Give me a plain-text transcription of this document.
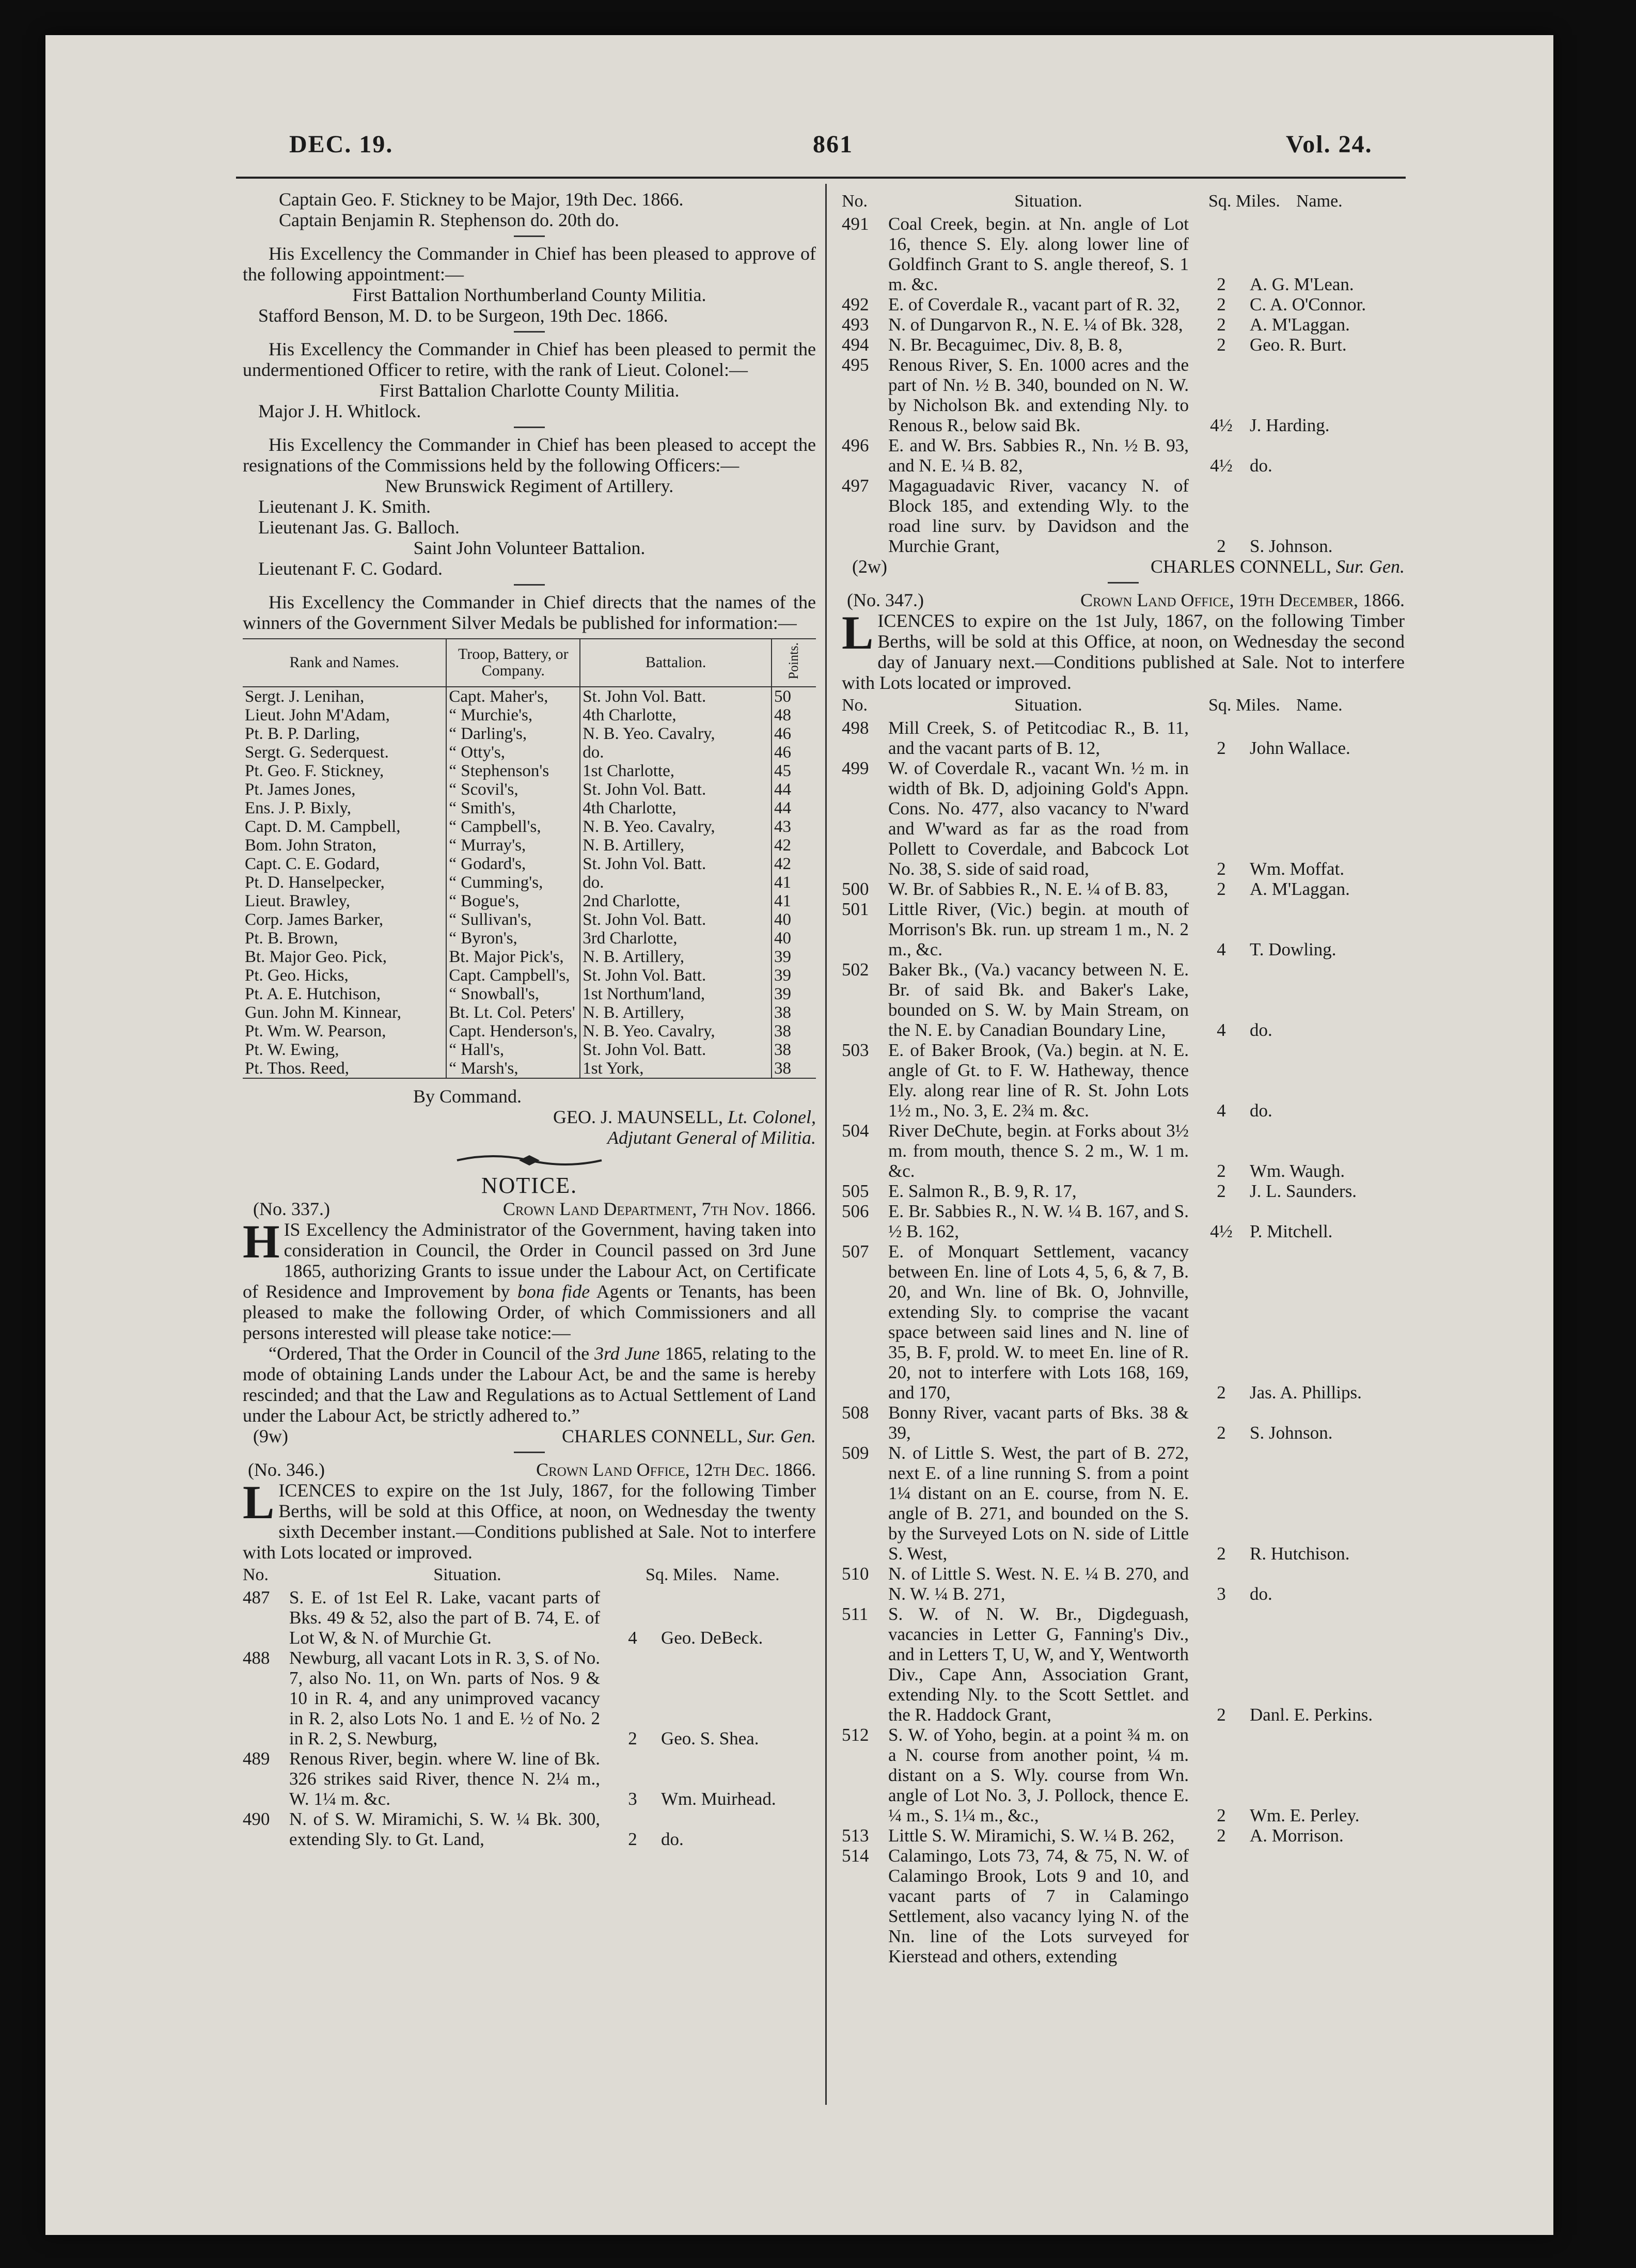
DEC. 19.	861	Vol. 24.

Captain Geo. F. Stickney to be Major, 19th Dec. 1866.

Captain Benjamin R. Stephenson do. 20th do.

His Excellency the Commander in Chief has been pleased to approve of the following appointment:—

First Battalion Northumberland County Militia.

Stafford Benson, M. D. to be Surgeon, 19th Dec. 1866.

His Excellency the Commander in Chief has been pleased to permit the undermentioned Officer to retire, with the rank of Lieut. Colonel:—

First Battalion Charlotte County Militia.

Major J. H. Whitlock.

His Excellency the Commander in Chief has been pleased to accept the resignations of the Commissions held by the following Officers:—

New Brunswick Regiment of Artillery.

Lieutenant J. K. Smith.

Lieutenant Jas. G. Balloch.

Saint John Volunteer Battalion.

Lieutenant F. C. Godard.

His Excellency the Commander in Chief directs that the names of the winners of the Government Silver Medals be published for information:—

Rank and Names.	Troop, Battery, or Company.	Battalion.	Points.
Sergt. J. Lenihan,	Capt. Maher's,	St. John Vol. Batt.	50
Lieut. John M'Adam,	“ Murchie's,	4th Charlotte,	48
Pt. B. P. Darling,	“ Darling's,	N. B. Yeo. Cavalry,	46
Sergt. G. Sederquest.	“ Otty's,	do.	46
Pt. Geo. F. Stickney,	“ Stephenson's	1st Charlotte,	45
Pt. James Jones,	“ Scovil's,	St. John Vol. Batt.	44
Ens. J. P. Bixly,	“ Smith's,	4th Charlotte,	44
Capt. D. M. Campbell,	“ Campbell's,	N. B. Yeo. Cavalry,	43
Bom. John Straton,	“ Murray's,	N. B. Artillery,	42
Capt. C. E. Godard,	“ Godard's,	St. John Vol. Batt.	42
Pt. D. Hanselpecker,	“ Cumming's,	do.	41
Lieut. Brawley,	“ Bogue's,	2nd Charlotte,	41
Corp. James Barker,	“ Sullivan's,	St. John Vol. Batt.	40
Pt. B. Brown,	“ Byron's,	3rd Charlotte,	40
Bt. Major Geo. Pick,	Bt. Major Pick's,	N. B. Artillery,	39
Pt. Geo. Hicks,	Capt. Campbell's,	St. John Vol. Batt.	39
Pt. A. E. Hutchison,	“ Snowball's,	1st Northum'land,	39
Gun. John M. Kinnear,	Bt. Lt. Col. Peters'	N. B. Artillery,	38
Pt. Wm. W. Pearson,	Capt. Henderson's,	N. B. Yeo. Cavalry,	38
Pt. W. Ewing,	“ Hall's,	St. John Vol. Batt.	38
Pt. Thos. Reed,	“ Marsh's,	1st York,	38

By Command.

GEO. J. MAUNSELL, Lt. Colonel,

Adjutant General of Militia.

NOTICE.

(No. 337.)	Crown Land Department, 7th Nov. 1866.

HIS Excellency the Administrator of the Government, having taken into consideration in Council, the Order in Council passed on 3rd June 1865, authorizing Grants to issue under the Labour Act, on Certificate of Residence and Improvement by bona fide Agents or Tenants, has been pleased to make the following Order, of which Commissioners and all persons interested will please take notice:—

“Ordered, That the Order in Council of the 3rd June 1865, relating to the mode of obtaining Lands under the Labour Act, be and the same is hereby rescinded; and that the Law and Regulations as to Actual Settlement of Land under the Labour Act, be strictly adhered to.”

(9w)	CHARLES CONNELL, Sur. Gen.
(No. 346.)	Crown Land Office, 12th Dec. 1866.

LICENCES to expire on the 1st July, 1867, for the following Timber Berths, will be sold at this Office, at noon, on Wednesday the twenty sixth December instant.—Conditions published at Sale. Not to interfere with Lots located or improved.

No.	Situation.	Sq. Miles. Name.
487	S. E. of 1st Eel R. Lake, vacant parts of Bks. 49 & 52, also the part of B. 74, E. of Lot W, & N. of Murchie Gt.	4	Geo. DeBeck.
488	Newburg, all vacant Lots in R. 3, S. of No. 7, also No. 11, on Wn. parts of Nos. 9 & 10 in R. 4, and any unimproved vacancy in R. 2, also Lots No. 1 and E. ½ of No. 2 in R. 2, S. Newburg,	2	Geo. S. Shea.
489	Renous River, begin. where W. line of Bk. 326 strikes said River, thence N. 2¼ m., W. 1¼ m. &c.	3	Wm. Muirhead.
490	N. of S. W. Miramichi, S. W. ¼ Bk. 300, extending Sly. to Gt. Land,	2	do.
No.	Situation.	Sq. Miles. Name.
491	Coal Creek, begin. at Nn. angle of Lot 16, thence S. Ely. along lower line of Goldfinch Grant to S. angle thereof, S. 1 m. &c.	2	A. G. M'Lean.
492	E. of Coverdale R., vacant part of R. 32,	2	C. A. O'Connor.
493	N. of Dungarvon R., N. E. ¼ of Bk. 328,	2	A. M'Laggan.
494	N. Br. Becaguimec, Div. 8, B. 8,	2	Geo. R. Burt.
495	Renous River, S. En. 1000 acres and the part of Nn. ½ B. 340, bounded on N. W. by Nicholson Bk. and extending Nly. to Renous R., below said Bk.	4½ J. Harding.
496	E. and W. Brs. Sabbies R., Nn. ½ B. 93, and N. E. ¼ B. 82,	4½ do.
497	Magaguadavic River, vacancy N. of Block 185, and extending Wly. to the road line surv. by Davidson and the Murchie Grant,	2	S. Johnson.
(2w)	CHARLES CONNELL, Sur. Gen.
(No. 347.)	Crown Land Office, 19th December, 1866.

LICENCES to expire on the 1st July, 1867, on the following Timber Berths, will be sold at this Office, at noon, on Wednesday the second day of January next.—Conditions published at Sale. Not to interfere with Lots located or improved.

No.	Situation.	Sq. Miles. Name.
498	Mill Creek, S. of Petitcodiac R., B. 11, and the vacant parts of B. 12,	2	John Wallace.
499	W. of Coverdale R., vacant Wn. ½ m. in width of Bk. D, adjoining Gold's Appn. Cons. No. 477, also vacancy to N'ward and W'ward as far as the road from Pollett to Coverdale, and Babcock Lot No. 38, S. side of said road,	2	Wm. Moffat.
500	W. Br. of Sabbies R., N. E. ¼ of B. 83,	2	A. M'Laggan.
501	Little River, (Vic.) begin. at mouth of Morrison's Bk. run. up stream 1 m., N. 2 m., &c.	4	T. Dowling.
502	Baker Bk., (Va.) vacancy between N. E. Br. of said Bk. and Baker's Lake, bounded on S. W. by Main Stream, on the N. E. by Canadian Boundary Line,	4	do.
503	E. of Baker Brook, (Va.) begin. at N. E. angle of Gt. to F. W. Hatheway, thence Ely. along rear line of R. St. John Lots 1½ m., No. 3, E. 2¾ m. &c.	4	do.
504	River DeChute, begin. at Forks about 3½ m. from mouth, thence S. 2 m., W. 1 m. &c.	2	Wm. Waugh.
505	E. Salmon R., B. 9, R. 17,	2	J. L. Saunders.
506	E. Br. Sabbies R., N. W. ¼ B. 167, and S. ½ B. 162,	4½ P. Mitchell.
507	E. of Monquart Settlement, vacancy between En. line of Lots 4, 5, 6, & 7, B. 20, and Wn. line of Bk. O, Johnville, extending Sly. to comprise the vacant space between said lines and N. line of 35, B. F, prold. W. to meet En. line of R. 20, not to interfere with Lots 168, 169, and 170,	2	Jas. A. Phillips.
508	Bonny River, vacant parts of Bks. 38 & 39,	2	S. Johnson.
509	N. of Little S. West, the part of B. 272, next E. of a line running S. from a point 1¼ distant on an E. course, from N. E. angle of B. 271, and bounded on the S. by the Surveyed Lots on N. side of Little S. West,	2	R. Hutchison.
510	N. of Little S. West. N. E. ¼ B. 270, and N. W. ¼ B. 271,	3	do.
511	S. W. of N. W. Br., Digdeguash, vacancies in Letter G, Fanning's Div., and in Letters T, U, W, and Y, Wentworth Div., Cape Ann, Association Grant, extending Nly. to the Scott Settlet. and the R. Haddock Grant,	2	Danl. E. Perkins.
512	S. W. of Yoho, begin. at a point ¾ m. on a N. course from another point, ¼ m. distant on a S. Wly. course from Wn. angle of Lot No. 3, J. Pollock, thence E. ¼ m., S. 1¼ m., &c.,	2	Wm. E. Perley.
513	Little S. W. Miramichi, S. W. ¼ B. 262,	2	A. Morrison.
514	Calamingo, Lots 73, 74, & 75, N. W. of Calamingo Brook, Lots 9 and 10, and vacant parts of 7 in Calamingo Settlement, also vacancy lying N. of the Nn. line of the Lots surveyed for Kierstead and others, extending
